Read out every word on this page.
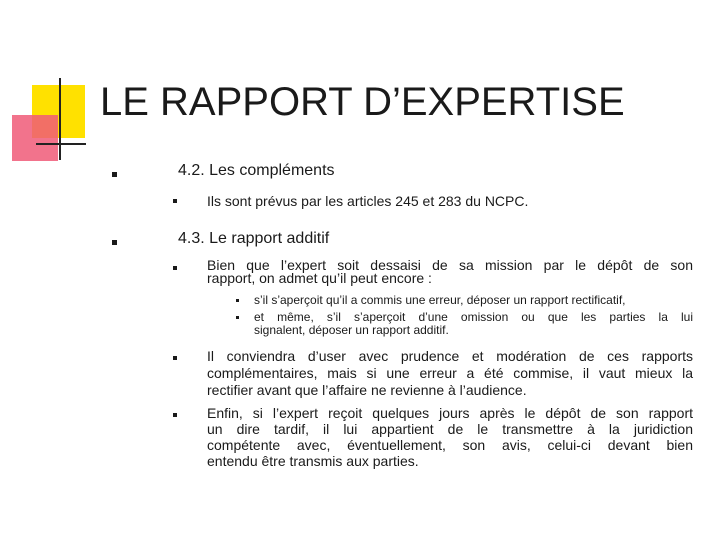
LE RAPPORT D’EXPERTISE
4.2. Les compléments
Ils sont prévus par les articles 245 et 283 du NCPC.
4.3. Le rapport additif
Bien que l’expert soit dessaisi de sa mission par le dépôt de son
rapport, on admet qu’il peut encore :
s’il s’aperçoit qu’il a commis une erreur, déposer un rapport rectificatif,
et même, s’il s’aperçoit d’une omission ou que les parties la lui
signalent, déposer un rapport additif.
Il conviendra d’user avec prudence et modération de ces rapports
complémentaires, mais si une erreur a été commise, il vaut mieux la
rectifier avant que l’affaire ne revienne à l’audience.
Enfin, si l’expert reçoit quelques jours après le dépôt de son rapport
un dire tardif, il lui appartient de le transmettre à la juridiction
compétente avec, éventuellement, son avis, celui-ci devant bien
entendu être transmis aux parties.
